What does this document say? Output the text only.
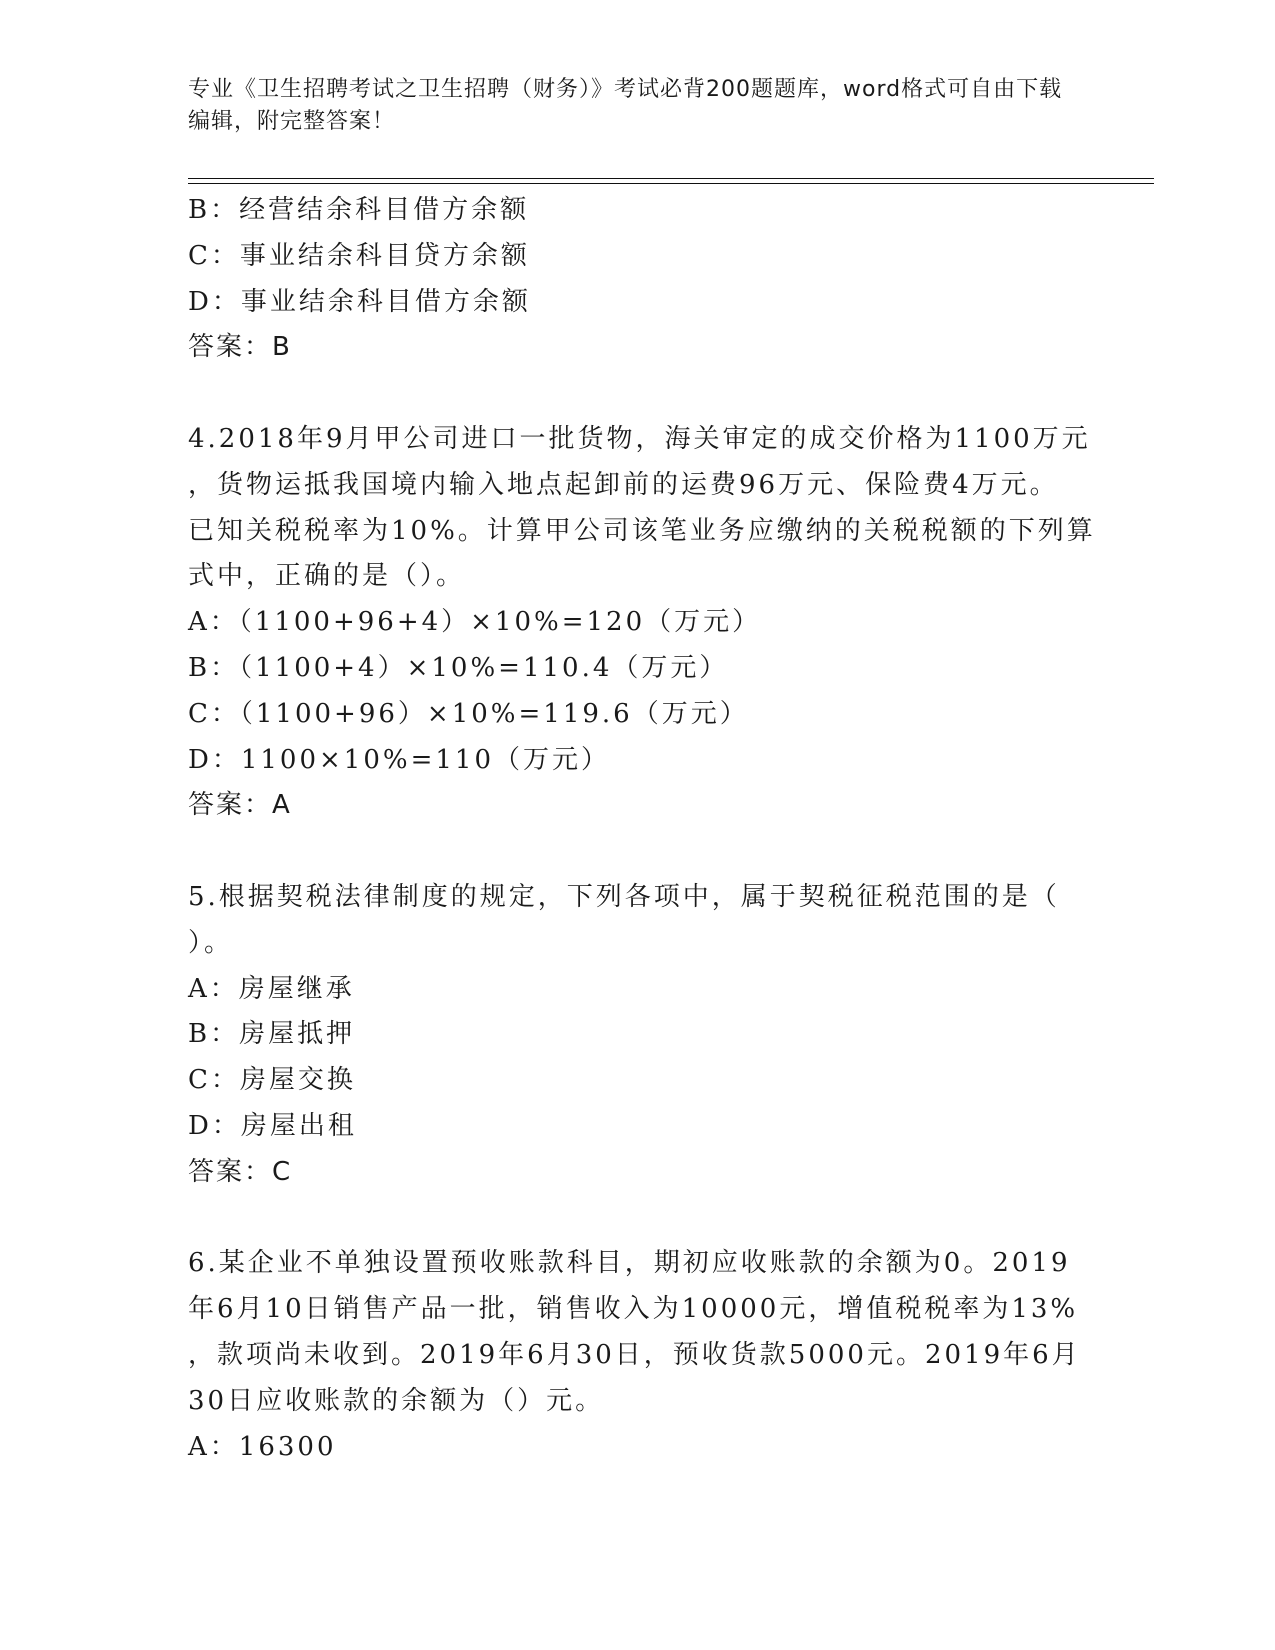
专业《卫生招聘考试之卫生招聘（财务）》考试必背200题题库，word格式可自由下载编辑，附完整答案！
B：经营结余科目借方余额
C：事业结余科目贷方余额
D：事业结余科目借方余额
答案：B
4.2018年9月甲公司进口一批货物，海关审定的成交价格为1100万元
，货物运抵我国境内输入地点起卸前的运费96万元、保险费4万元。
已知关税税率为10%。计算甲公司该笔业务应缴纳的关税税额的下列算
式中，正确的是（）。
A：（1100+96+4）×10%=120（万元）
B：（1100+4）×10%=110.4（万元）
C：（1100+96）×10%=119.6（万元）
D：1100×10%=110（万元）
答案：A
5.根据契税法律制度的规定，下列各项中，属于契税征税范围的是（
）。
A：房屋继承
B：房屋抵押
C：房屋交换
D：房屋出租
答案：C
6.某企业不单独设置预收账款科目，期初应收账款的余额为0。2019
年6月10日销售产品一批，销售收入为10000元，增值税税率为13%
，款项尚未收到。2019年6月30日，预收货款5000元。2019年6月
30日应收账款的余额为（）元。
A：16300
